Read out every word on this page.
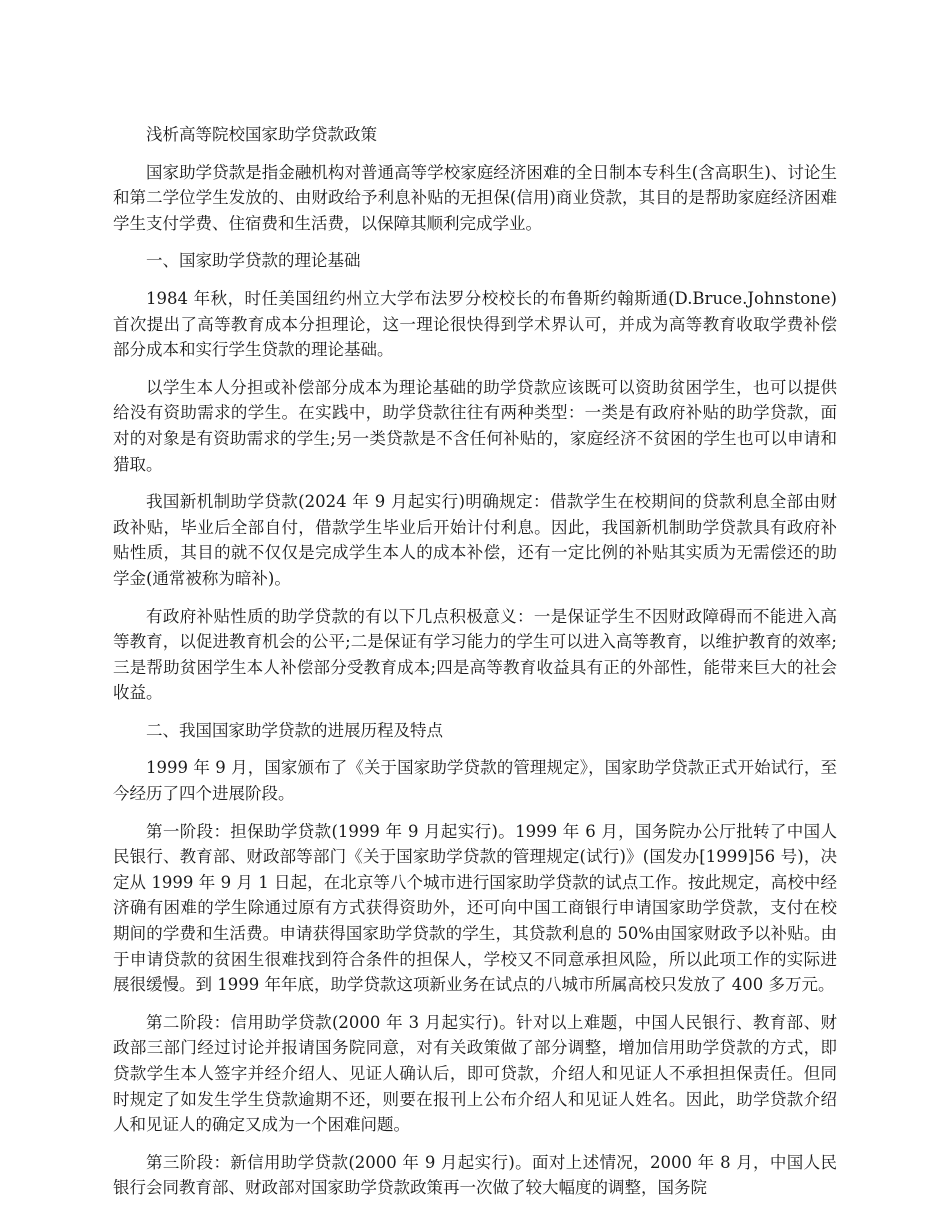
浅析高等院校国家助学贷款政策

国家助学贷款是指金融机构对普通高等学校家庭经济困难的全日制本专科生(含高职生)、讨论生和第二学位学生发放的、由财政给予利息补贴的无担保(信用)商业贷款，其目的是帮助家庭经济困难学生支付学费、住宿费和生活费，以保障其顺利完成学业。

一、国家助学贷款的理论基础

1984 年秋，时任美国纽约州立大学布法罗分校校长的布鲁斯约翰斯通(D.Bruce.Johnstone)首次提出了高等教育成本分担理论，这一理论很快得到学术界认可，并成为高等教育收取学费补偿部分成本和实行学生贷款的理论基础。

以学生本人分担或补偿部分成本为理论基础的助学贷款应该既可以资助贫困学生，也可以提供给没有资助需求的学生。在实践中，助学贷款往往有两种类型：一类是有政府补贴的助学贷款，面对的对象是有资助需求的学生;另一类贷款是不含任何补贴的，家庭经济不贫困的学生也可以申请和猎取。

我国新机制助学贷款(2024 年 9 月起实行)明确规定：借款学生在校期间的贷款利息全部由财政补贴，毕业后全部自付，借款学生毕业后开始计付利息。因此，我国新机制助学贷款具有政府补贴性质，其目的就不仅仅是完成学生本人的成本补偿，还有一定比例的补贴其实质为无需偿还的助学金(通常被称为暗补)。

有政府补贴性质的助学贷款的有以下几点积极意义：一是保证学生不因财政障碍而不能进入高等教育，以促进教育机会的公平;二是保证有学习能力的学生可以进入高等教育，以维护教育的效率;三是帮助贫困学生本人补偿部分受教育成本;四是高等教育收益具有正的外部性，能带来巨大的社会收益。

二、我国国家助学贷款的进展历程及特点

1999 年 9 月，国家颁布了《关于国家助学贷款的管理规定》，国家助学贷款正式开始试行，至今经历了四个进展阶段。

第一阶段：担保助学贷款(1999 年 9 月起实行)。1999 年 6 月，国务院办公厅批转了中国人民银行、教育部、财政部等部门《关于国家助学贷款的管理规定(试行)》(国发办[1999]56 号)，决定从 1999 年 9 月 1 日起，在北京等八个城市进行国家助学贷款的试点工作。按此规定，高校中经济确有困难的学生除通过原有方式获得资助外，还可向中国工商银行申请国家助学贷款，支付在校期间的学费和生活费。申请获得国家助学贷款的学生，其贷款利息的 50%由国家财政予以补贴。由于申请贷款的贫困生很难找到符合条件的担保人，学校又不同意承担风险，所以此项工作的实际进展很缓慢。到 1999 年年底，助学贷款这项新业务在试点的八城市所属高校只发放了 400 多万元。

第二阶段：信用助学贷款(2000 年 3 月起实行)。针对以上难题，中国人民银行、教育部、财政部三部门经过讨论并报请国务院同意，对有关政策做了部分调整，增加信用助学贷款的方式，即贷款学生本人签字并经介绍人、见证人确认后，即可贷款，介绍人和见证人不承担担保责任。但同时规定了如发生学生贷款逾期不还，则要在报刊上公布介绍人和见证人姓名。因此，助学贷款介绍人和见证人的确定又成为一个困难问题。

第三阶段：新信用助学贷款(2000 年 9 月起实行)。面对上述情况，2000 年 8 月，中国人民银行会同教育部、财政部对国家助学贷款政策再一次做了较大幅度的调整，国务院
